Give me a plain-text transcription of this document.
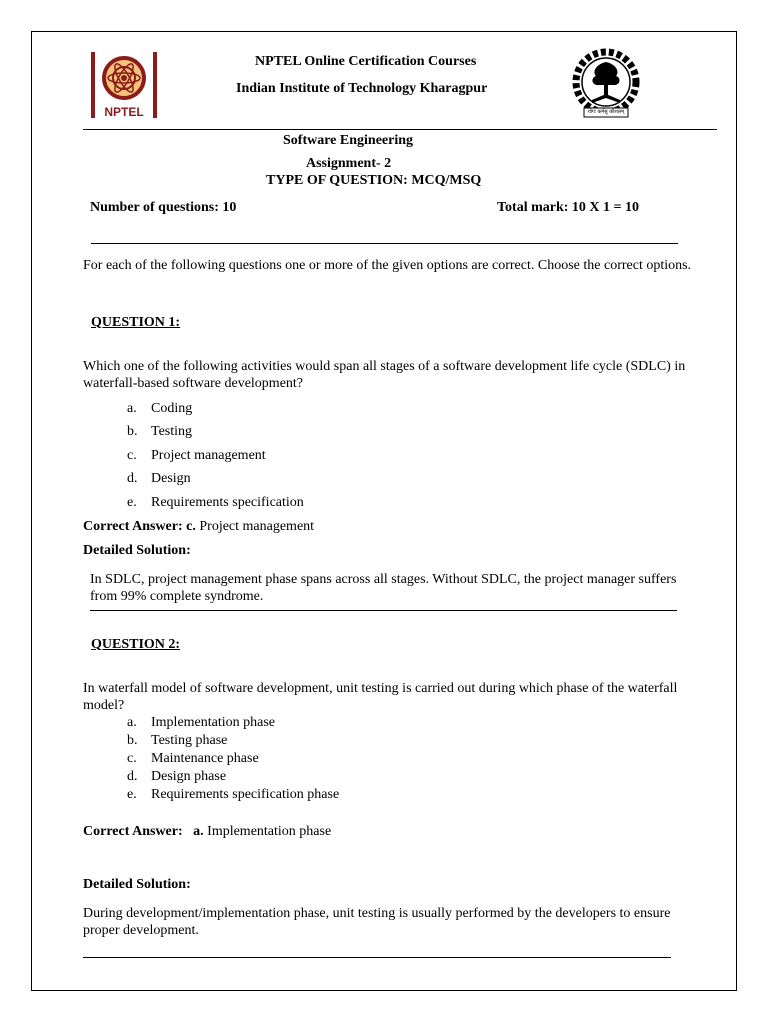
NPTEL	योगः कर्मसु कौशलम्
NPTEL Online Certification Courses
Indian Institute of Technology Kharagpur
Software Engineering
Assignment- 2
TYPE OF QUESTION: MCQ/MSQ
Number of questions: 10	Total mark: 10 X 1 = 10
For each of the following questions one or more of the given options are correct. Choose the correct options.
QUESTION 1:
Which one of the following activities would span all stages of a software development life cycle (SDLC) in waterfall-based software development?
a. Coding
b. Testing
c. Project management
d. Design
e. Requirements specification
Correct Answer: c. Project management
Detailed Solution:
In SDLC, project management phase spans across all stages. Without SDLC, the project manager suffers from 99% complete syndrome.
QUESTION 2:
In waterfall model of software development, unit testing is carried out during which phase of the waterfall model?
a. Implementation phase
b. Testing phase
c. Maintenance phase
d. Design phase
e. Requirements specification phase
Correct Answer:   a. Implementation phase
Detailed Solution:
During development/implementation phase, unit testing is usually performed by the developers to ensure proper development.
